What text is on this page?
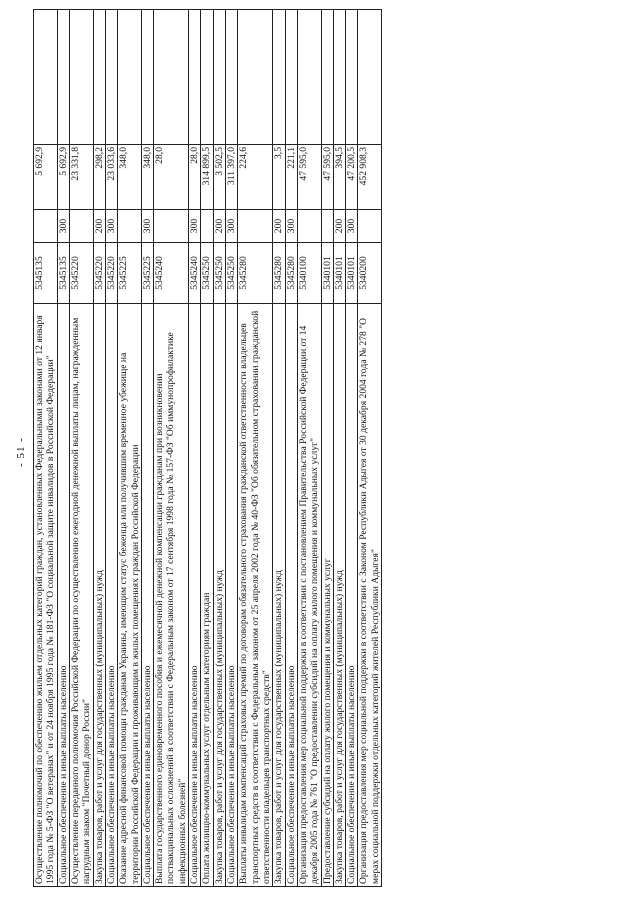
- 51 - Осуществление полномочий по обеспечению жильем отдельных категорий граждан, установленных Федеральными законами от 12 января 1995 года № 5-ФЗ "О ветеранах" и от 24 ноября 1995 года № 181-ФЗ "О социальной защите инвалидов в Российской Федерации"	5345135		5 692,9	
Социальное обеспечение и иные выплаты населению	5345135	300	5 692,9	
Осуществление переданного полномочия Российской Федерации по осуществлению ежегодной денежной выплаты лицам, награжденным нагрудным знаком "Почетный донор России"	5345220		23 331,8	
Закупка товаров, работ и услуг для государственных (муниципальных) нужд	5345220	200	298,2	
Социальное обеспечение и иные выплаты населению	5345220	300	23 033,6	
Оказание адресной финансовой помощи гражданам Украины, имеющим статус беженца или получившим временное убежище на территории Российской Федерации и проживающим в жилых помещениях граждан Российской Федерации	5345225		348,0	
Социальное обеспечение и иные выплаты населению	5345225	300	348,0	
Выплата государственного единовременного пособия и ежемесячной денежной компенсации гражданам при возникновении поствакцинальных осложнений в соответствии с Федеральным законом от 17 сентября 1998 года № 157-ФЗ "Об иммунопрофилактике инфекционных болезней"	5345240		28,0	
Социальное обеспечение и иные выплаты населению	5345240	300	28,0	
Оплата жилищно-коммунальных услуг отдельным категориям граждан	5345250		314 899,5	
Закупка товаров, работ и услуг для государственных (муниципальных) нужд	5345250	200	3 502,5	
Социальное обеспечение и иные выплаты населению	5345250	300	311 397,0	
Выплаты инвалидам компенсаций страховых премий по договорам обязательного страхования гражданской ответственности владельцев транспортных средств в соответствии с Федеральным законом от 25 апреля 2002 года № 40-ФЗ "Об обязательном страховании гражданской ответственности владельцев транспортных средств"	5345280		224,6	
Закупка товаров, работ и услуг для государственных (муниципальных) нужд	5345280	200	3,5	
Социальное обеспечение и иные выплаты населению	5345280	300	221,1	
Организация предоставления мер социальной поддержки в соответствии с постановлением Правительства Российской Федерации от 14 декабря 2005 года № 761 "О предоставлении субсидий на оплату жилого помещения и коммунальных услуг"	5340100		47 595,0	
Предоставление субсидий на оплату жилого помещения и коммунальных услуг	5340101		47 595,0	
Закупка товаров, работ и услуг для государственных (муниципальных) нужд	5340101	200	394,5	
Социальное обеспечение и иные выплаты населению	5340101	300	47 200,5	
Организация предоставления мер социальной поддержки в соответствии с Законом Республики Адыгея от 30 декабря 2004 года № 278 "О мерах социальной поддержки отдельных категорий жителей Республики Адыгея"	5340200		452 908,3	
